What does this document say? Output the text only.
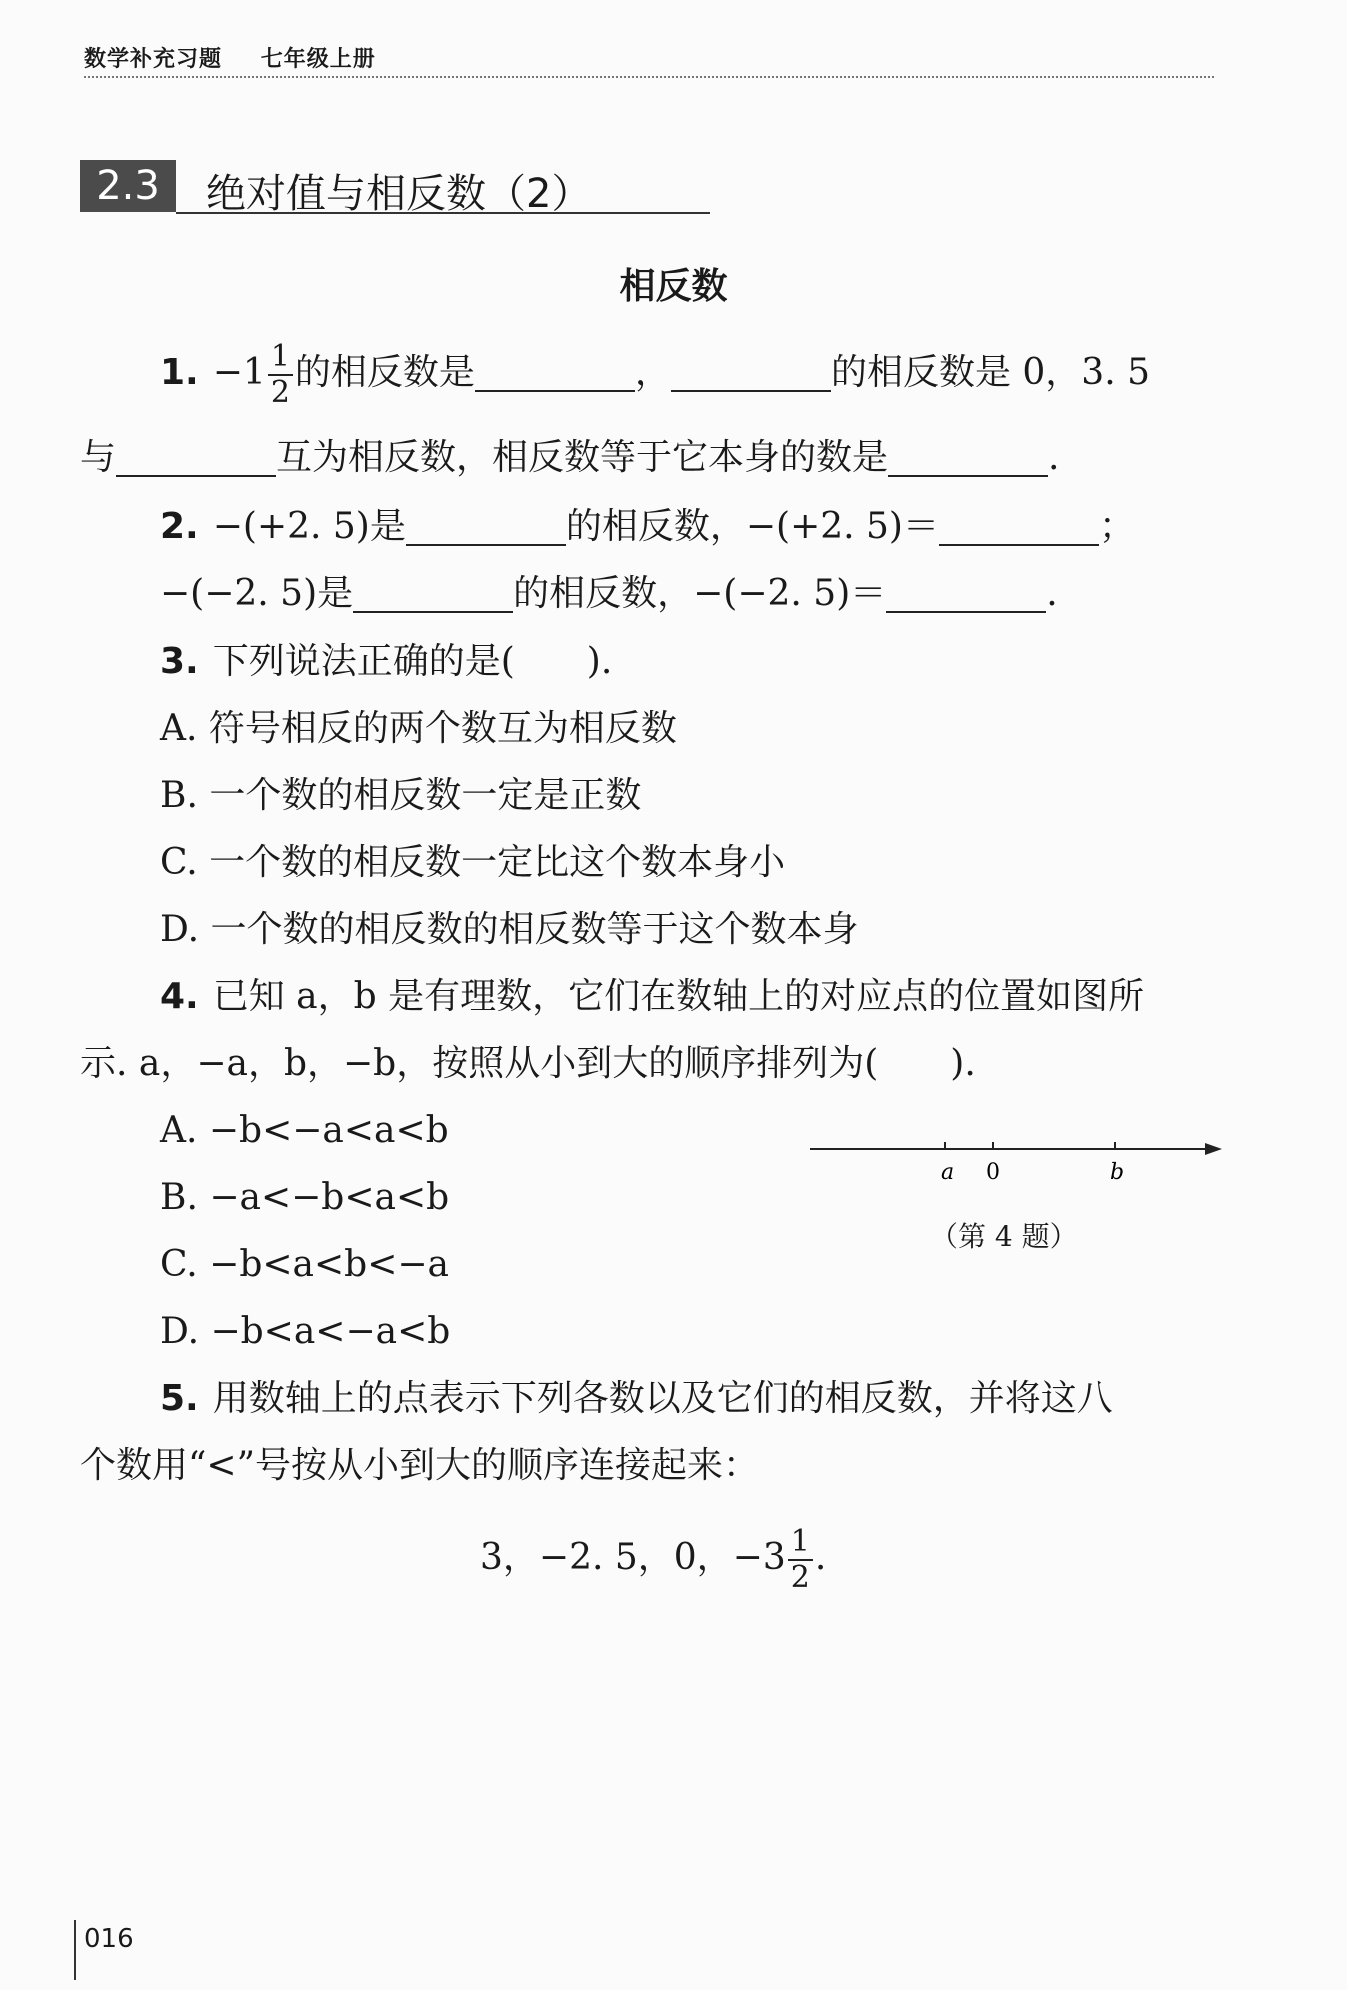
数学补充习题 七年级上册
2.3	绝对值与相反数（2）
相反数
1. $-1 \frac{1}{2}$ 的相反数是	，	的相反数是 0，3. 5
与	互为相反数，相反数等于它本身的数是	.
2. −(+2. 5)是	的相反数，−(+2. 5)＝	；
−(−2. 5)是	的相反数，−(−2. 5)＝	.
3. 下列说法正确的是(　　).
A. 符号相反的两个数互为相反数
B. 一个数的相反数一定是正数
C. 一个数的相反数一定比这个数本身小
D. 一个数的相反数的相反数等于这个数本身
4. 已知 a，b 是有理数，它们在数轴上的对应点的位置如图所
示. a，−a，b，−b，按照从小到大的顺序排列为(　　).
A. −b<−a<a<b
B. −a<−b<a<b
C. −b<a<b<−a
D. −b<a<−a<b
a 0	b
（第 4 题）
5. 用数轴上的点表示下列各数以及它们的相反数，并将这八
个数用“<”号按从小到大的顺序连接起来：
3，−2. 5，0，$-3 \frac{1}{2}$ .
016
